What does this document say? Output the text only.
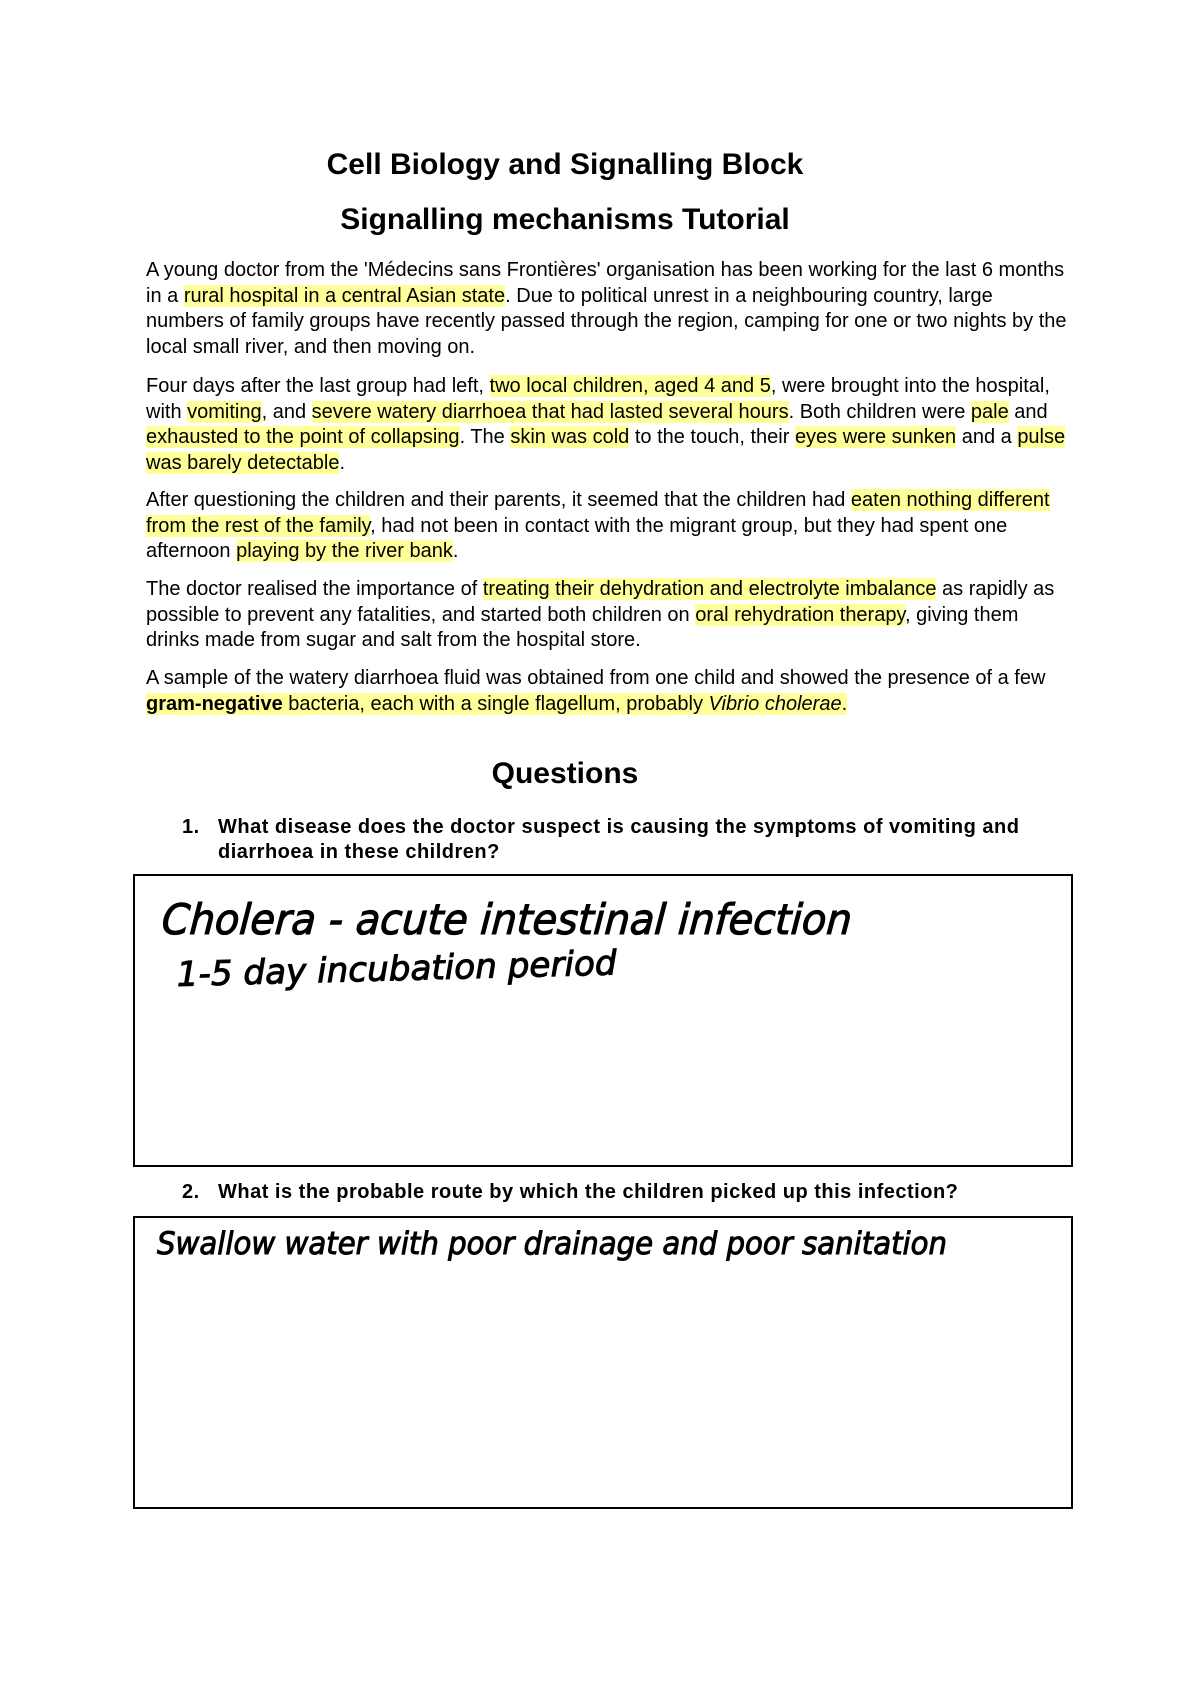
Cell Biology and Signalling Block
Signalling mechanisms Tutorial

A young doctor from the 'Médecins sans Frontières' organisation has been working for the last 6 months in a rural hospital in a central Asian state. Due to political unrest in a neighbouring country, large numbers of family groups have recently passed through the region, camping for one or two nights by the local small river, and then moving on.

Four days after the last group had left, two local children, aged 4 and 5, were brought into the hospital, with vomiting, and severe watery diarrhoea that had lasted several hours. Both children were pale and exhausted to the point of collapsing. The skin was cold to the touch, their eyes were sunken and a pulse was barely detectable.

After questioning the children and their parents, it seemed that the children had eaten nothing different from the rest of the family, had not been in contact with the migrant group, but they had spent one afternoon playing by the river bank.

The doctor realised the importance of treating their dehydration and electrolyte imbalance as rapidly as possible to prevent any fatalities, and started both children on oral rehydration therapy, giving them drinks made from sugar and salt from the hospital store.

A sample of the watery diarrhoea fluid was obtained from one child and showed the presence of a few gram-negative bacteria, each with a single flagellum, probably Vibrio cholerae.

Questions
1. What disease does the doctor suspect is causing the symptoms of vomiting and diarrhoea in these children?
Cholera - acute intestinal infection
1-5 day incubation period
2. What is the probable route by which the children picked up this infection?
Swallow water with poor drainage and poor sanitation
